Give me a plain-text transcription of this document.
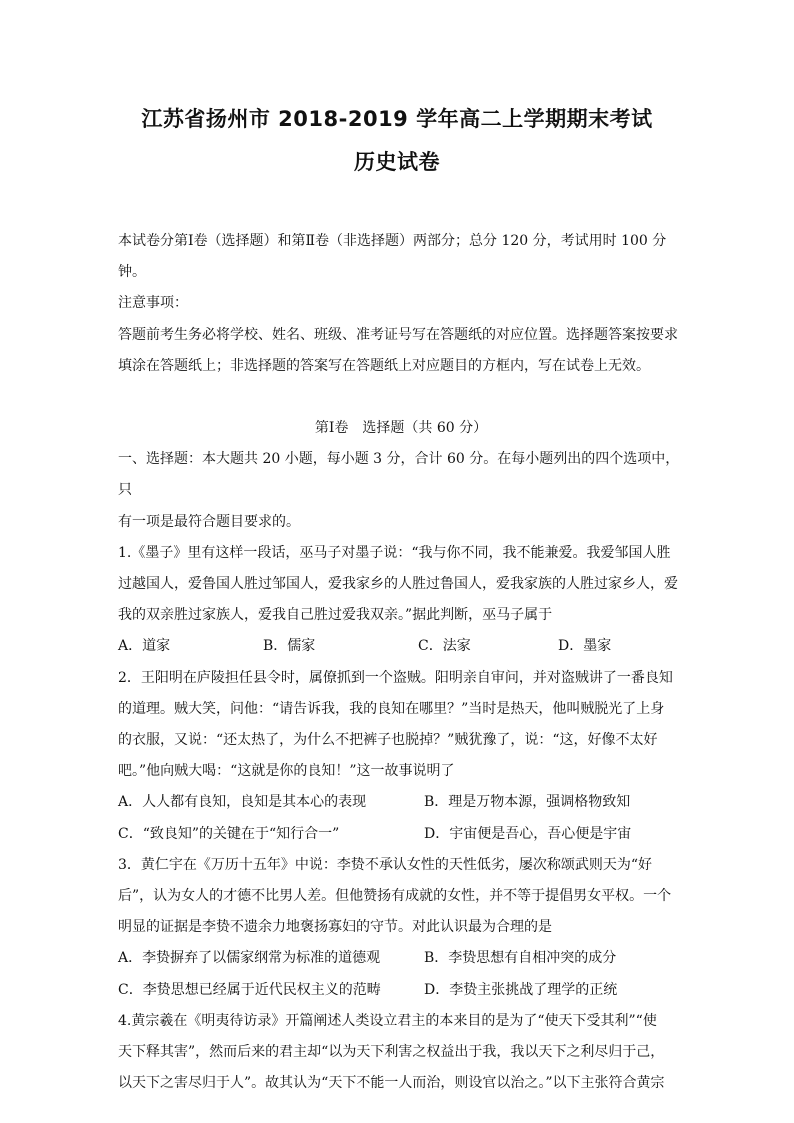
江苏省扬州市 2018-2019 学年高二上学期期末考试
历史试卷

本试卷分第Ⅰ卷（选择题）和第Ⅱ卷（非选择题）两部分；总分 120 分，考试用时 100 分钟。

注意事项：

答题前考生务必将学校、姓名、班级、准考证号写在答题纸的对应位置。选择题答案按要求

填涂在答题纸上；非选择题的答案写在答题纸上对应题目的方框内，写在试卷上无效。

第Ⅰ卷　选择题（共 60 分）

一、选择题：本大题共 20 小题，每小题 3 分，合计 60 分。在每小题列出的四个选项中，只

有一项是最符合题目要求的。

1.《墨子》里有这样一段话，巫马子对墨子说：“我与你不同，我不能兼爱。我爱邹国人胜

过越国人，爱鲁国人胜过邹国人，爱我家乡的人胜过鲁国人，爱我家族的人胜过家乡人，爱

我的双亲胜过家族人，爱我自己胜过爱我双亲。”据此判断，巫马子属于

A．道家	B．儒家	C．法家	D．墨家

2．王阳明在庐陵担任县令时，属僚抓到一个盗贼。阳明亲自审问，并对盗贼讲了一番良知

的道理。贼大笑，问他：“请告诉我，我的良知在哪里？”当时是热天，他叫贼脱光了上身

的衣服，又说：“还太热了，为什么不把裤子也脱掉？”贼犹豫了，说：“这，好像不太好

吧。”他向贼大喝：“这就是你的良知！”这一故事说明了

A．人人都有良知，良知是其本心的表现	B．理是万物本源，强调格物致知
C．“致良知”的关键在于“知行合一”	D．宇宙便是吾心，吾心便是宇宙

3．黄仁宇在《万历十五年》中说：李贽不承认女性的天性低劣，屡次称颂武则天为“好

后”，认为女人的才德不比男人差。但他赞扬有成就的女性，并不等于提倡男女平权。一个

明显的证据是李贽不遗余力地褒扬寡妇的守节。对此认识最为合理的是

A．李贽摒弃了以儒家纲常为标准的道德观	B．李贽思想有自相冲突的成分
C．李贽思想已经属于近代民权主义的范畴	D．李贽主张挑战了理学的正统

4.黄宗羲在《明夷待访录》开篇阐述人类设立君主的本来目的是为了“使天下受其利”“使

天下释其害”，然而后来的君主却“以为天下利害之权益出于我，我以天下之利尽归于己，

以天下之害尽归于人”。故其认为“天下不能一人而治，则设官以治之。”以下主张符合黄宗
